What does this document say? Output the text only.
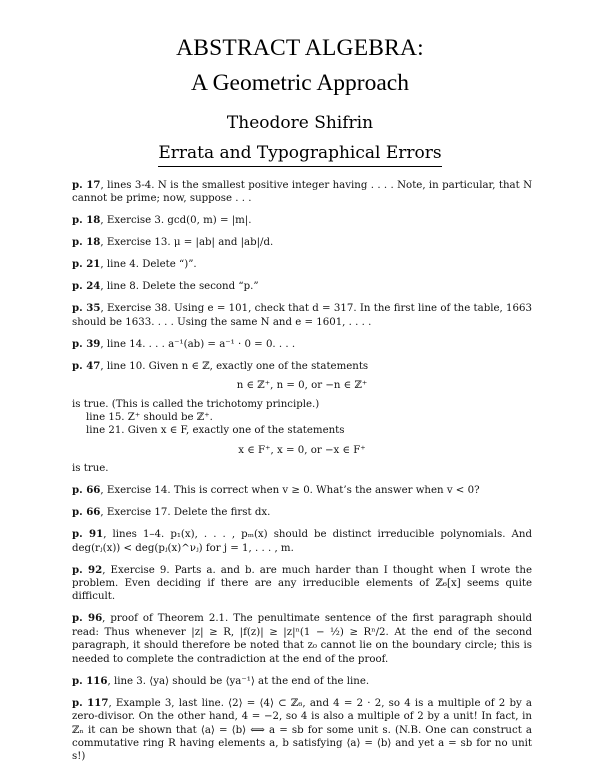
ABSTRACT ALGEBRA:
A Geometric Approach
Theodore Shifrin
Errata and Typographical Errors
p. 17, lines 3-4. N is the smallest positive integer having . . . . Note, in particular, that N cannot be prime; now, suppose . . .
p. 18, Exercise 3. gcd(0, m) = |m|.
p. 18, Exercise 13. μ = |ab| and |ab|/d.
p. 21, line 4. Delete “)”.
p. 24, line 8. Delete the second “p.”
p. 35, Exercise 38. Using e = 101, check that d = 317. In the first line of the table, 1663 should be 1633. . . . Using the same N and e = 1601, . . . .
p. 39, line 14. . . . a⁻¹(ab) = a⁻¹ · 0 = 0. . . .
p. 47, line 10. Given n ∈ ℤ, exactly one of the statements
n ∈ ℤ⁺, n = 0, or −n ∈ ℤ⁺
is true. (This is called the trichotomy principle.)
line 15. Z⁺ should be ℤ⁺.
line 21. Given x ∈ F, exactly one of the statements
x ∈ F⁺, x = 0, or −x ∈ F⁺
is true.
p. 66, Exercise 14. This is correct when v ≥ 0. What’s the answer when v < 0?
p. 66, Exercise 17. Delete the first dx.
p. 91, lines 1–4. p₁(x), . . . , pₘ(x) should be distinct irreducible polynomials. And deg(rⱼ(x)) < deg(pⱼ(x)^νⱼ) for j = 1, . . . , m.
p. 92, Exercise 9. Parts a. and b. are much harder than I thought when I wrote the problem. Even deciding if there are any irreducible elements of ℤ₆[x] seems quite difficult.
p. 96, proof of Theorem 2.1. The penultimate sentence of the first paragraph should read: Thus whenever |z| ≥ R, |f(z)| ≥ |z|ⁿ(1 − ½) ≥ Rⁿ/2. At the end of the second paragraph, it should therefore be noted that z₀ cannot lie on the boundary circle; this is needed to complete the contradiction at the end of the proof.
p. 116, line 3. ⟨ya⟩ should be ⟨ya⁻¹⟩ at the end of the line.
p. 117, Example 3, last line. ⟨2⟩ = ⟨4⟩ ⊂ ℤ₆, and 4 = 2 · 2, so 4 is a multiple of 2 by a zero-divisor. On the other hand, 4 = −2, so 4 is also a multiple of 2 by a unit! In fact, in ℤₙ it can be shown that ⟨a⟩ = ⟨b⟩ ⟺ a = sb for some unit s. (N.B. One can construct a commutative ring R having elements a, b satisfying ⟨a⟩ = ⟨b⟩ and yet a = sb for no unit s!)
